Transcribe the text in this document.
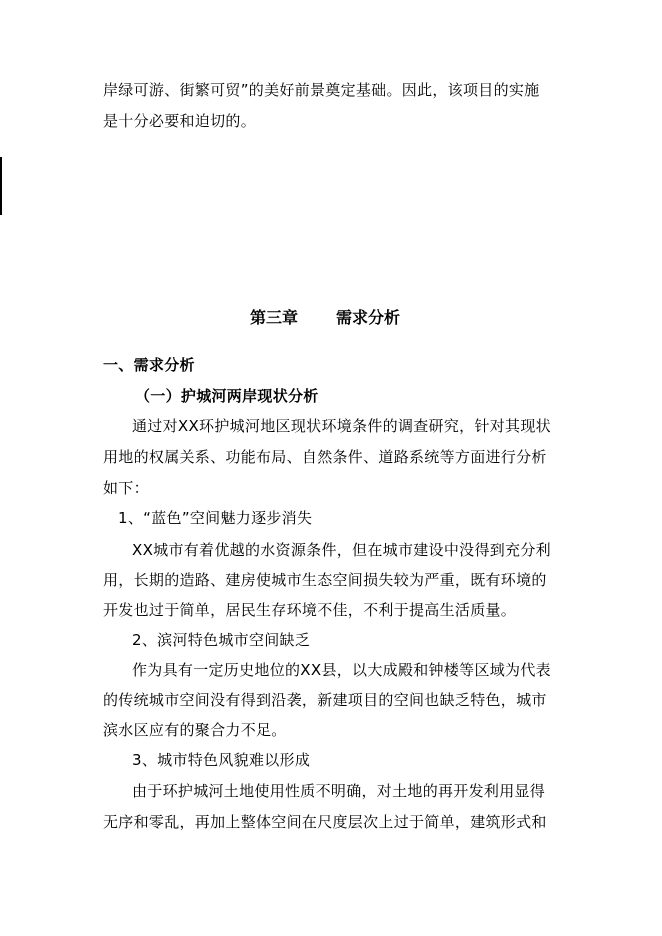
岸绿可游、街繁可贸”的美好前景奠定基础。因此，该项目的实施
是十分必要和迫切的。
第三章 需求分析
一、需求分析
（一）护城河两岸现状分析
通过对XX环护城河地区现状环境条件的调查研究，针对其现状
用地的权属关系、功能布局、自然条件、道路系统等方面进行分析
如下：
1、“蓝色”空间魅力逐步消失
XX城市有着优越的水资源条件，但在城市建设中没得到充分利
用，长期的造路、建房使城市生态空间损失较为严重，既有环境的
开发也过于简单，居民生存环境不佳，不利于提高生活质量。
2、滨河特色城市空间缺乏
作为具有一定历史地位的XX县，以大成殿和钟楼等区域为代表
的传统城市空间没有得到沿袭，新建项目的空间也缺乏特色，城市
滨水区应有的聚合力不足。
3、城市特色风貌难以形成
由于环护城河土地使用性质不明确，对土地的再开发利用显得
无序和零乱，再加上整体空间在尺度层次上过于简单，建筑形式和
